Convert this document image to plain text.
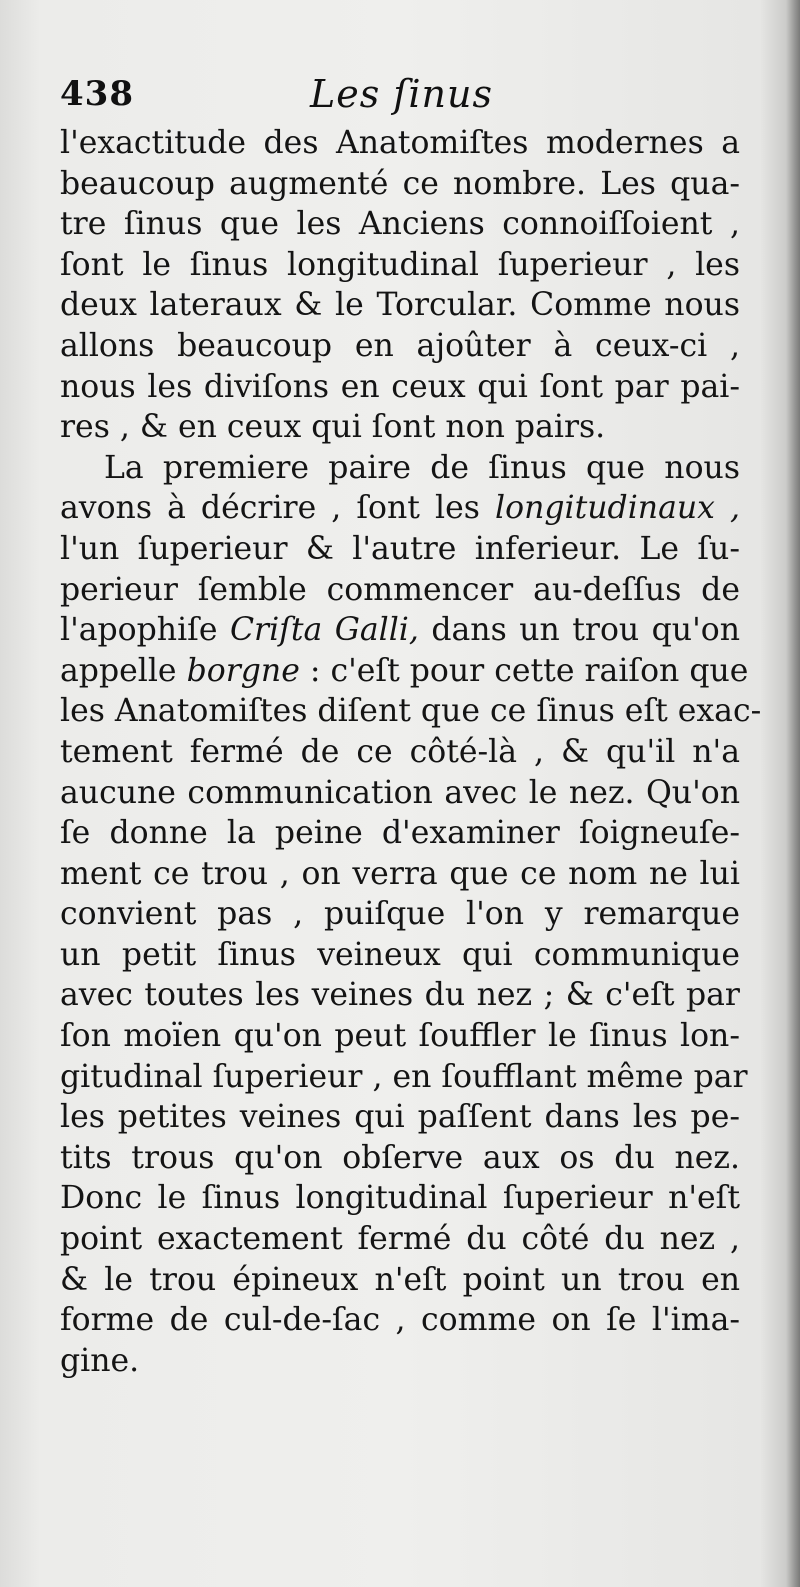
438	Les ſinus
l'exactitude des Anatomiſtes modernes a
beaucoup augmenté ce nombre. Les qua-
tre ſinus que les Anciens connoiſſoient ,
ſont le ſinus longitudinal ſuperieur , les
deux lateraux & le Torcular. Comme nous
allons beaucoup en ajoûter à ceux-ci ,
nous les diviſons en ceux qui ſont par pai-
res , & en ceux qui ſont non pairs.
La premiere paire de ſinus que nous
avons à décrire , ſont les longitudinaux ,
l'un ſuperieur & l'autre inferieur. Le ſu-
perieur ſemble commencer au-deſſus de
l'apophiſe Criſta Galli, dans un trou qu'on
appelle borgne : c'eſt pour cette raiſon que
les Anatomiſtes diſent que ce ſinus eſt exac-
tement fermé de ce côté-là , & qu'il n'a
aucune communication avec le nez. Qu'on
ſe donne la peine d'examiner ſoigneuſe-
ment ce trou , on verra que ce nom ne lui
convient pas , puiſque l'on y remarque
un petit ſinus veineux qui communique
avec toutes les veines du nez ; & c'eſt par
ſon moïen qu'on peut ſouffler le ſinus lon-
gitudinal ſuperieur , en ſoufflant même par
les petites veines qui paſſent dans les pe-
tits trous qu'on obſerve aux os du nez.
Donc le ſinus longitudinal ſuperieur n'eſt
point exactement fermé du côté du nez ,
& le trou épineux n'eſt point un trou en
forme de cul-de-ſac , comme on ſe l'ima-
gine.
